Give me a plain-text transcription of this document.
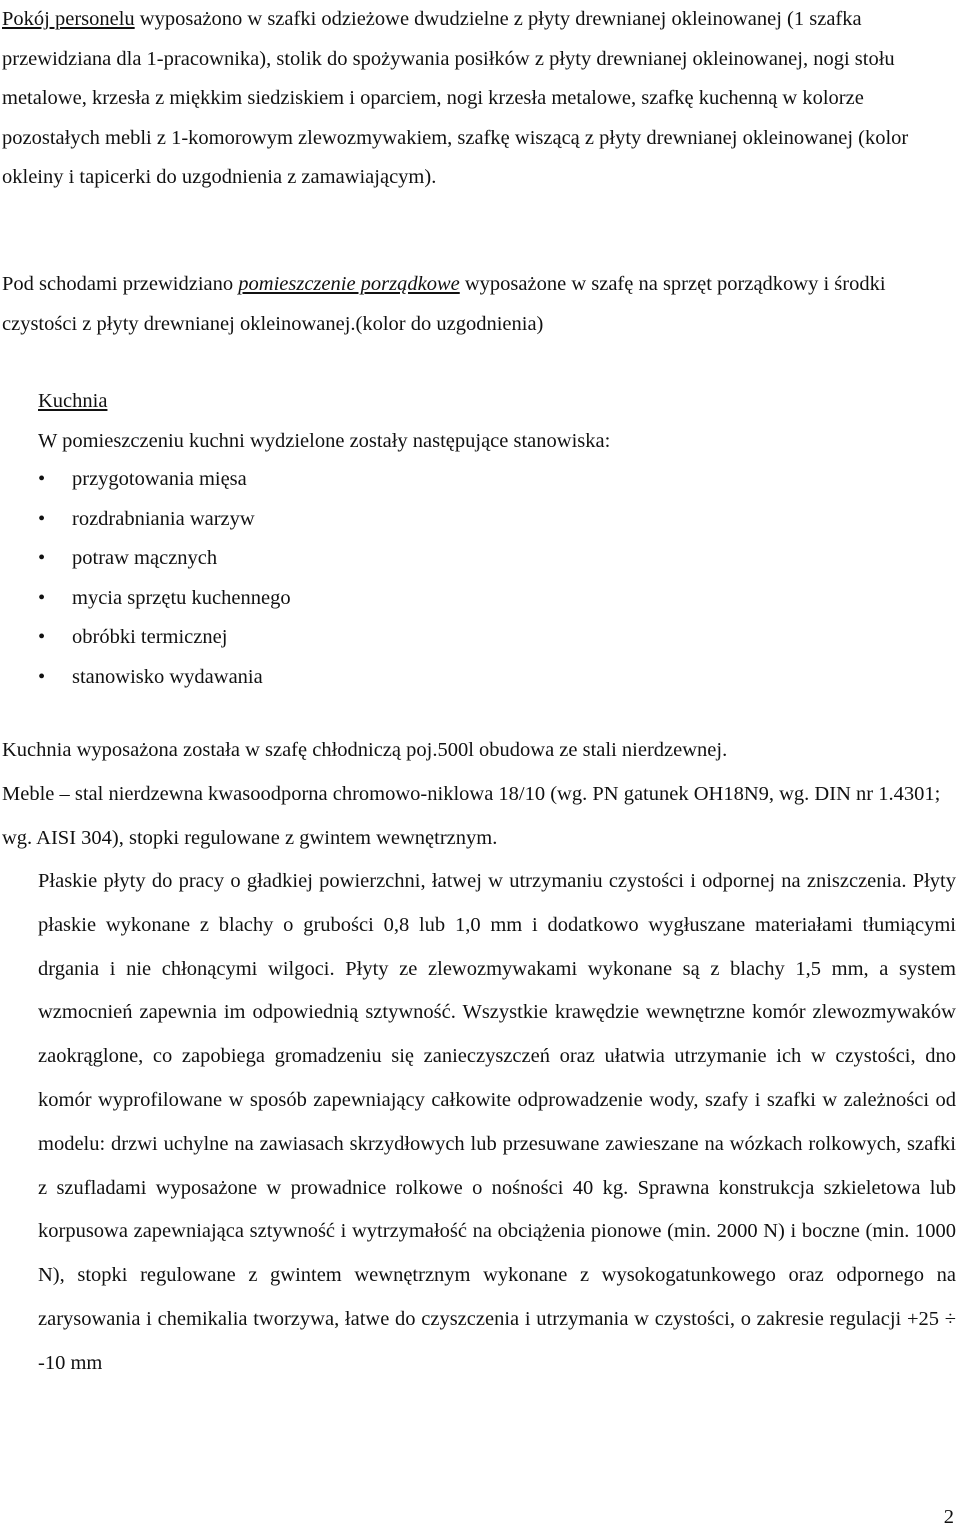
Pokój personelu wyposażono w szafki odzieżowe dwudzielne z płyty drewnianej okleinowanej (1 szafka przewidziana dla 1-pracownika), stolik do spożywania posiłków z płyty drewnianej okleinowanej, nogi stołu metalowe, krzesła z miękkim siedziskiem i oparciem, nogi krzesła metalowe, szafkę kuchenną w kolorze pozostałych mebli z 1-komorowym zlewozmywakiem, szafkę wiszącą z płyty drewnianej okleinowanej (kolor okleiny i tapicerki do uzgodnienia z zamawiającym).
Pod schodami przewidziano pomieszczenie porządkowe wyposażone w szafę na sprzęt porządkowy i środki czystości z płyty drewnianej okleinowanej.(kolor do uzgodnienia)
Kuchnia
W pomieszczeniu kuchni wydzielone zostały następujące stanowiska:
• przygotowania mięsa
• rozdrabniania warzyw
• potraw mącznych
• mycia sprzętu kuchennego
• obróbki termicznej
• stanowisko wydawania
Kuchnia wyposażona została w szafę chłodniczą poj.500l obudowa ze stali nierdzewnej.
Meble – stal nierdzewna kwasoodporna chromowo-niklowa 18/10 (wg. PN gatunek OH18N9, wg. DIN nr 1.4301; wg. AISI 304), stopki regulowane z gwintem wewnętrznym.
Płaskie płyty do pracy o gładkiej powierzchni, łatwej w utrzymaniu czystości i odpornej na zniszczenia. Płyty płaskie wykonane z blachy o grubości 0,8 lub 1,0 mm i dodatkowo wygłuszane materiałami tłumiącymi drgania i nie chłonącymi wilgoci. Płyty ze zlewozmywakami wykonane są z blachy 1,5 mm, a system wzmocnień zapewnia im odpowiednią sztywność. Wszystkie krawędzie wewnętrzne komór zlewozmywaków zaokrąglone, co zapobiega gromadzeniu się zanieczyszczeń oraz ułatwia utrzymanie ich w czystości, dno komór wyprofilowane w sposób zapewniający całkowite odprowadzenie wody, szafy i szafki w zależności od modelu: drzwi uchylne na zawiasach skrzydłowych lub przesuwane zawieszane na wózkach rolkowych, szafki z szufladami wyposażone w prowadnice rolkowe o nośności 40 kg. Sprawna konstrukcja szkieletowa lub korpusowa zapewniająca sztywność i wytrzymałość na obciążenia pionowe (min. 2000 N) i boczne (min. 1000 N), stopki regulowane z gwintem wewnętrznym wykonane z wysokogatunkowego oraz odpornego na zarysowania i chemikalia tworzywa, łatwe do czyszczenia i utrzymania w czystości, o zakresie regulacji +25 ÷ -10 mm
2
